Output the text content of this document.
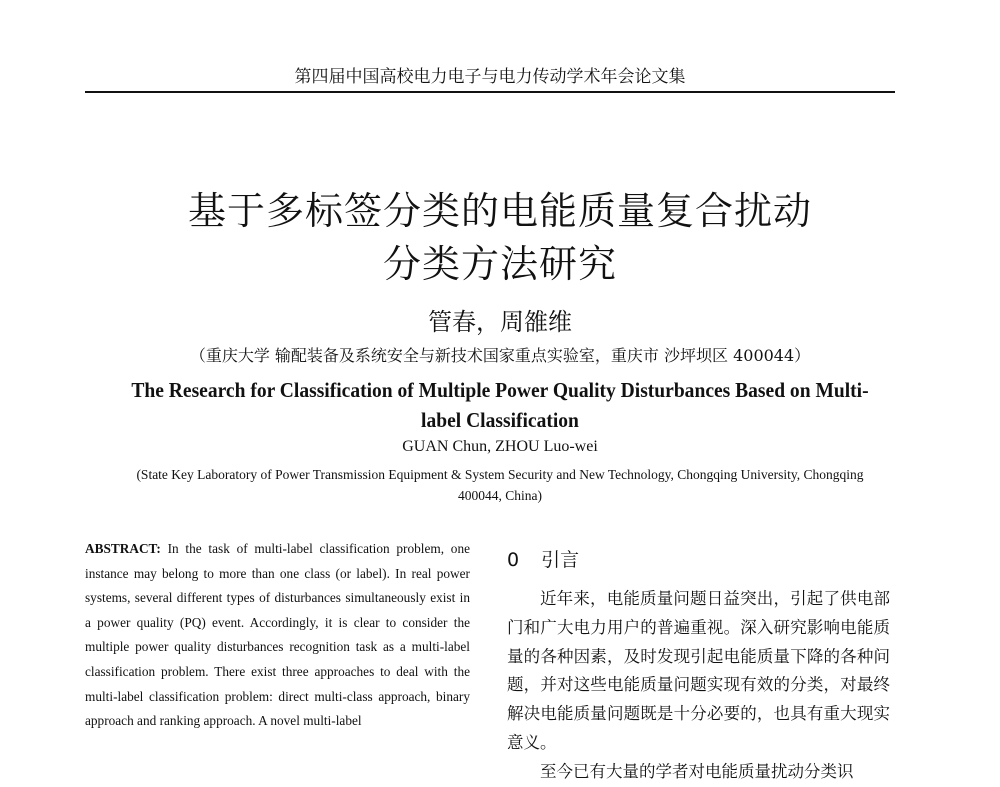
第四届中国高校电力电子与电力传动学术年会论文集
基于多标签分类的电能质量复合扰动
分类方法研究
管春，周雒维
（重庆大学 输配装备及系统安全与新技术国家重点实验室，重庆市 沙坪坝区 400044）
The Research for Classification of Multiple Power Quality Disturbances Based on Multi-label Classification
GUAN Chun, ZHOU Luo-wei
(State Key Laboratory of Power Transmission Equipment & System Security and New Technology, Chongqing University, Chongqing 400044, China)
ABSTRACT: In the task of multi-label classification problem, one instance may belong to more than one class (or label). In real power systems, several different types of disturbances simultaneously exist in a power quality (PQ) event. Accordingly, it is clear to consider the multiple power quality disturbances recognition task as a multi-label classification problem. There exist three approaches to deal with the multi-label classification problem: direct multi-class approach, binary approach and ranking approach. A novel multi-label
0 引言

近年来，电能质量问题日益突出，引起了供电部门和广大电力用户的普遍重视。深入研究影响电能质量的各种因素，及时发现引起电能质量下降的各种问题，并对这些电能质量问题实现有效的分类，对最终解决电能质量问题既是十分必要的，也具有重大现实意义。

至今已有大量的学者对电能质量扰动分类识
